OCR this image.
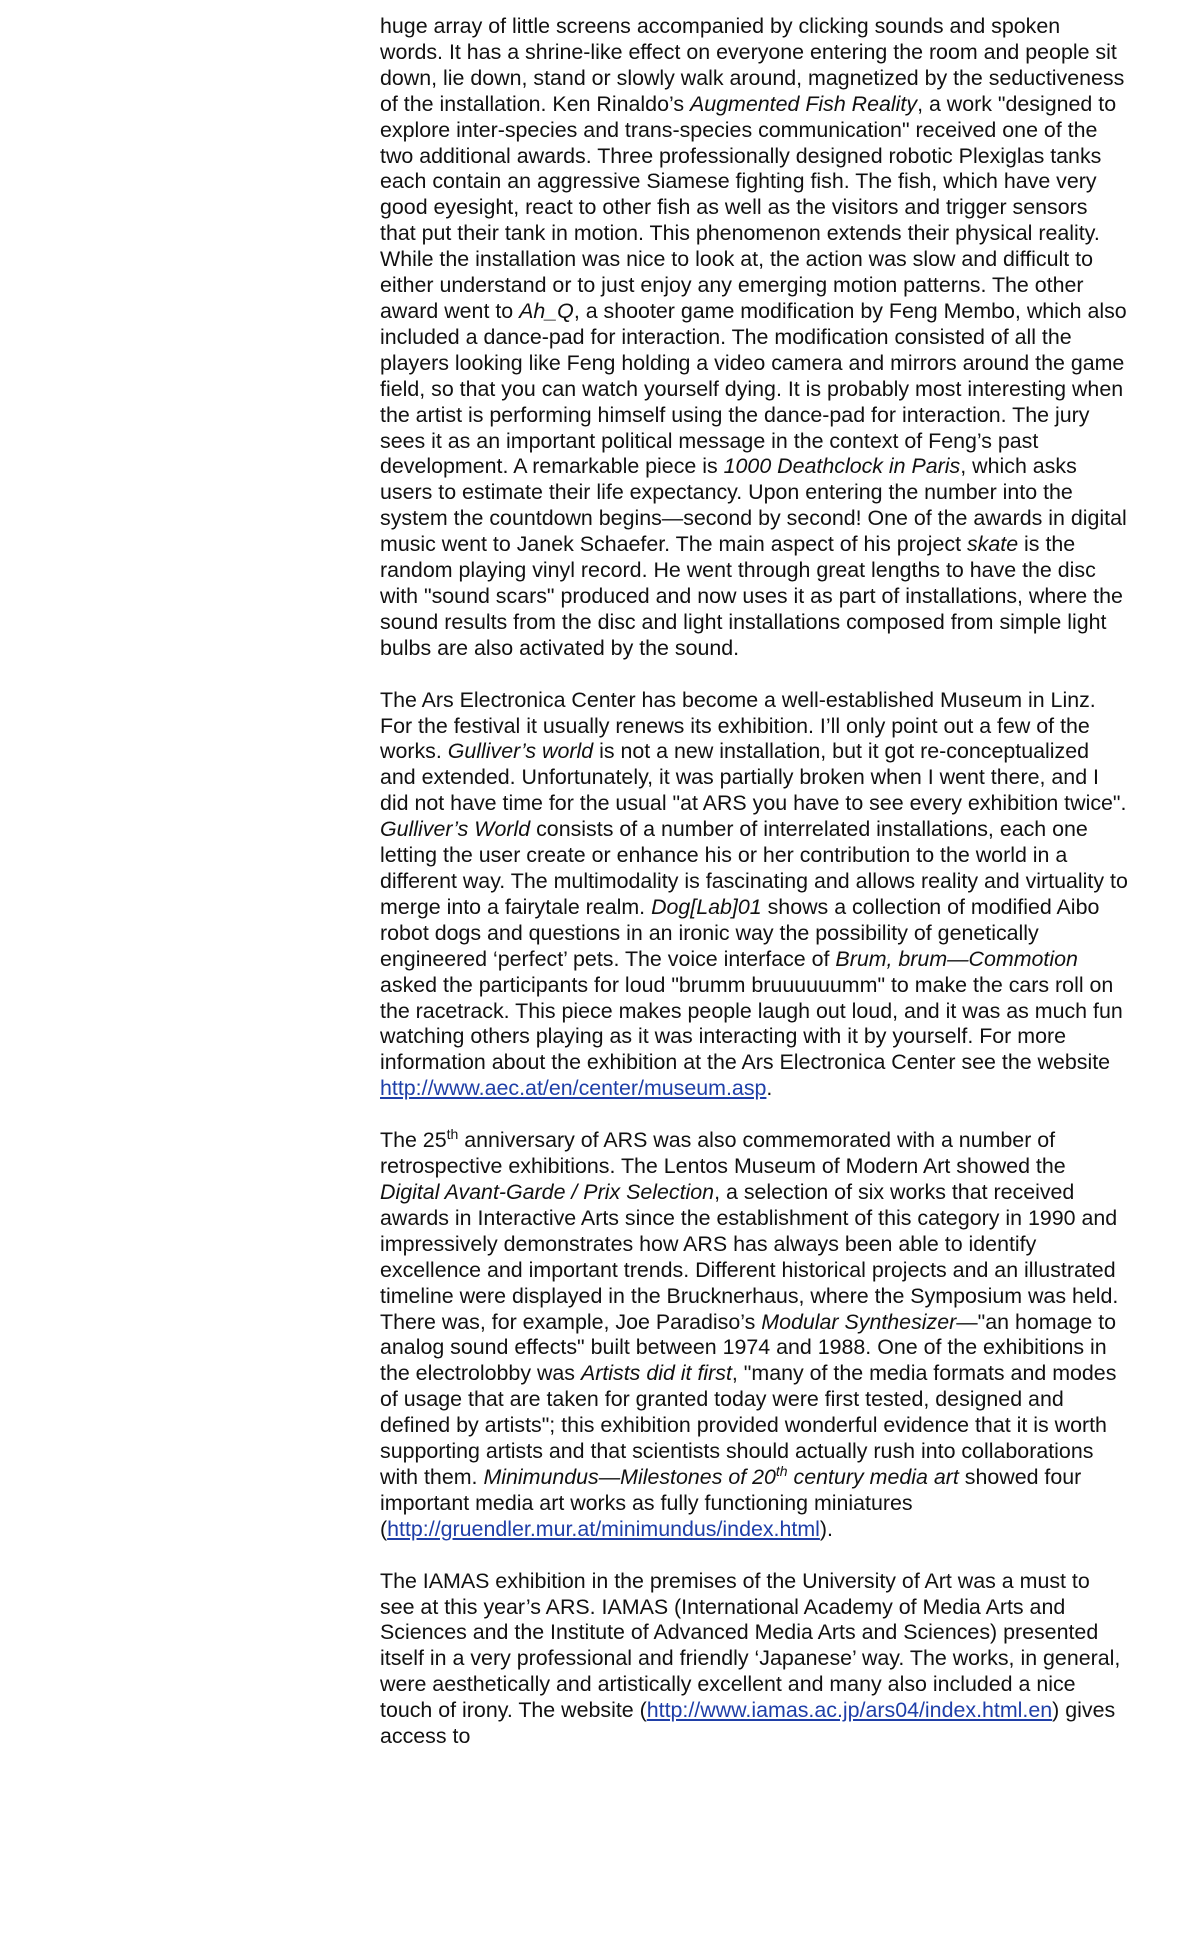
huge array of little screens accompanied by clicking sounds and spoken words. It has a shrine-like effect on everyone entering the room and people sit down, lie down, stand or slowly walk around, magnetized by the seductiveness of the installation. Ken Rinaldo’s Augmented Fish Reality, a work "designed to explore inter-species and trans-species communication" received one of the two additional awards. Three professionally designed robotic Plexiglas tanks each contain an aggressive Siamese fighting fish. The fish, which have very good eyesight, react to other fish as well as the visitors and trigger sensors that put their tank in motion. This phenomenon extends their physical reality. While the installation was nice to look at, the action was slow and difficult to either understand or to just enjoy any emerging motion patterns. The other award went to Ah_Q, a shooter game modification by Feng Membo, which also included a dance-pad for interaction. The modification consisted of all the players looking like Feng holding a video camera and mirrors around the game field, so that you can watch yourself dying. It is probably most interesting when the artist is performing himself using the dance-pad for interaction. The jury sees it as an important political message in the context of Feng’s past development. A remarkable piece is 1000 Deathclock in Paris, which asks users to estimate their life expectancy. Upon entering the number into the system the countdown begins—second by second! One of the awards in digital music went to Janek Schaefer. The main aspect of his project skate is the random playing vinyl record. He went through great lengths to have the disc with "sound scars" produced and now uses it as part of installations, where the sound results from the disc and light installations composed from simple light bulbs are also activated by the sound.

The Ars Electronica Center has become a well-established Museum in Linz. For the festival it usually renews its exhibition. I’ll only point out a few of the works. Gulliver’s world is not a new installation, but it got re-conceptualized and extended. Unfortunately, it was partially broken when I went there, and I did not have time for the usual "at ARS you have to see every exhibition twice". Gulliver’s World consists of a number of interrelated installations, each one letting the user create or enhance his or her contribution to the world in a different way. The multimodality is fascinating and allows reality and virtuality to merge into a fairytale realm. Dog[Lab]01 shows a collection of modified Aibo robot dogs and questions in an ironic way the possibility of genetically engineered ‘perfect’ pets. The voice interface of Brum, brum—Commotion asked the participants for loud "brumm bruuuuuumm" to make the cars roll on the racetrack. This piece makes people laugh out loud, and it was as much fun watching others playing as it was interacting with it by yourself. For more information about the exhibition at the Ars Electronica Center see the website http://www.aec.at/en/center/museum.asp.

The 25th anniversary of ARS was also commemorated with a number of retrospective exhibitions. The Lentos Museum of Modern Art showed the Digital Avant-Garde / Prix Selection, a selection of six works that received awards in Interactive Arts since the establishment of this category in 1990 and impressively demonstrates how ARS has always been able to identify excellence and important trends. Different historical projects and an illustrated timeline were displayed in the Brucknerhaus, where the Symposium was held. There was, for example, Joe Paradiso’s Modular Synthesizer—"an homage to analog sound effects" built between 1974 and 1988. One of the exhibitions in the electrolobby was Artists did it first, "many of the media formats and modes of usage that are taken for granted today were first tested, designed and defined by artists"; this exhibition provided wonderful evidence that it is worth supporting artists and that scientists should actually rush into collaborations with them. Minimundus—Milestones of 20th century media art showed four important media art works as fully functioning miniatures (http://gruendler.mur.at/minimundus/index.html).

The IAMAS exhibition in the premises of the University of Art was a must to see at this year’s ARS. IAMAS (International Academy of Media Arts and Sciences and the Institute of Advanced Media Arts and Sciences) presented itself in a very professional and friendly ‘Japanese’ way. The works, in general, were aesthetically and artistically excellent and many also included a nice touch of irony. The website (http://www.iamas.ac.jp/ars04/index.html.en) gives access to
